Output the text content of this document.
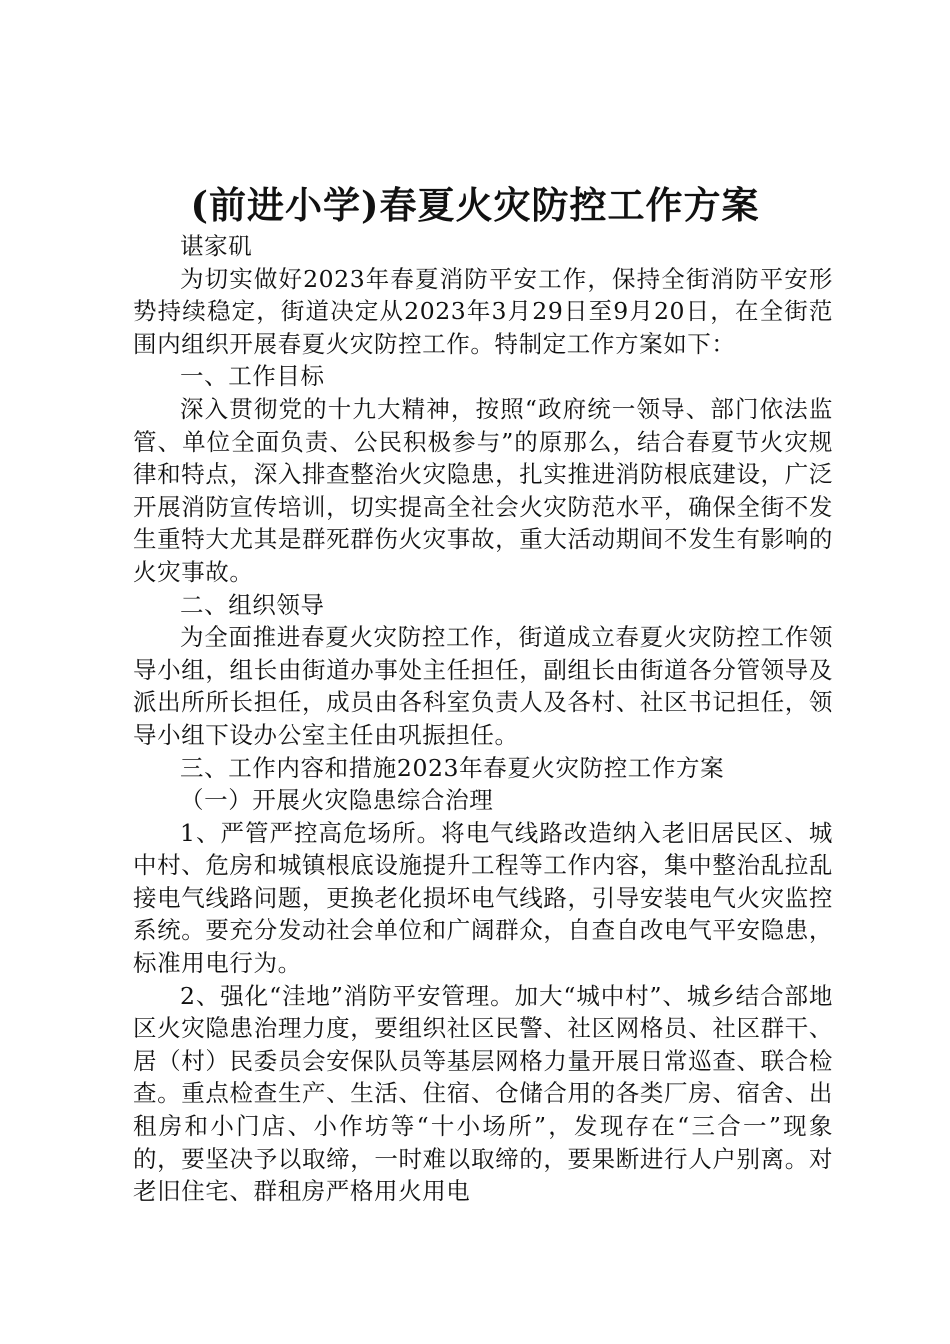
(前进小学)春夏火灾防控工作方案

谌家矶

为切实做好2023年春夏消防平安工作，保持全街消防平安形势持续稳定，街道决定从2023年3月29日至9月20日，在全街范围内组织开展春夏火灾防控工作。特制定工作方案如下：

一、工作目标

深入贯彻党的十九大精神，按照“政府统一领导、部门依法监管、单位全面负责、公民积极参与”的原那么，结合春夏节火灾规律和特点，深入排查整治火灾隐患，扎实推进消防根底建设，广泛开展消防宣传培训，切实提高全社会火灾防范水平，确保全街不发生重特大尤其是群死群伤火灾事故，重大活动期间不发生有影响的火灾事故。

二、组织领导

为全面推进春夏火灾防控工作，街道成立春夏火灾防控工作领导小组，组长由街道办事处主任担任，副组长由街道各分管领导及派出所所长担任，成员由各科室负责人及各村、社区书记担任，领导小组下设办公室主任由巩振担任。

三、工作内容和措施2023年春夏火灾防控工作方案

（一）开展火灾隐患综合治理

1、严管严控高危场所。将电气线路改造纳入老旧居民区、城中村、危房和城镇根底设施提升工程等工作内容，集中整治乱拉乱接电气线路问题，更换老化损坏电气线路，引导安装电气火灾监控系统。要充分发动社会单位和广阔群众，自查自改电气平安隐患，标准用电行为。

2、强化“洼地”消防平安管理。加大“城中村”、城乡结合部地区火灾隐患治理力度，要组织社区民警、社区网格员、社区群干、居（村）民委员会安保队员等基层网格力量开展日常巡查、联合检查。重点检查生产、生活、住宿、仓储合用的各类厂房、宿舍、出租房和小门店、小作坊等“十小场所”，发现存在“三合一”现象的，要坚决予以取缔，一时难以取缔的，要果断进行人户别离。对老旧住宅、群租房严格用火用电
